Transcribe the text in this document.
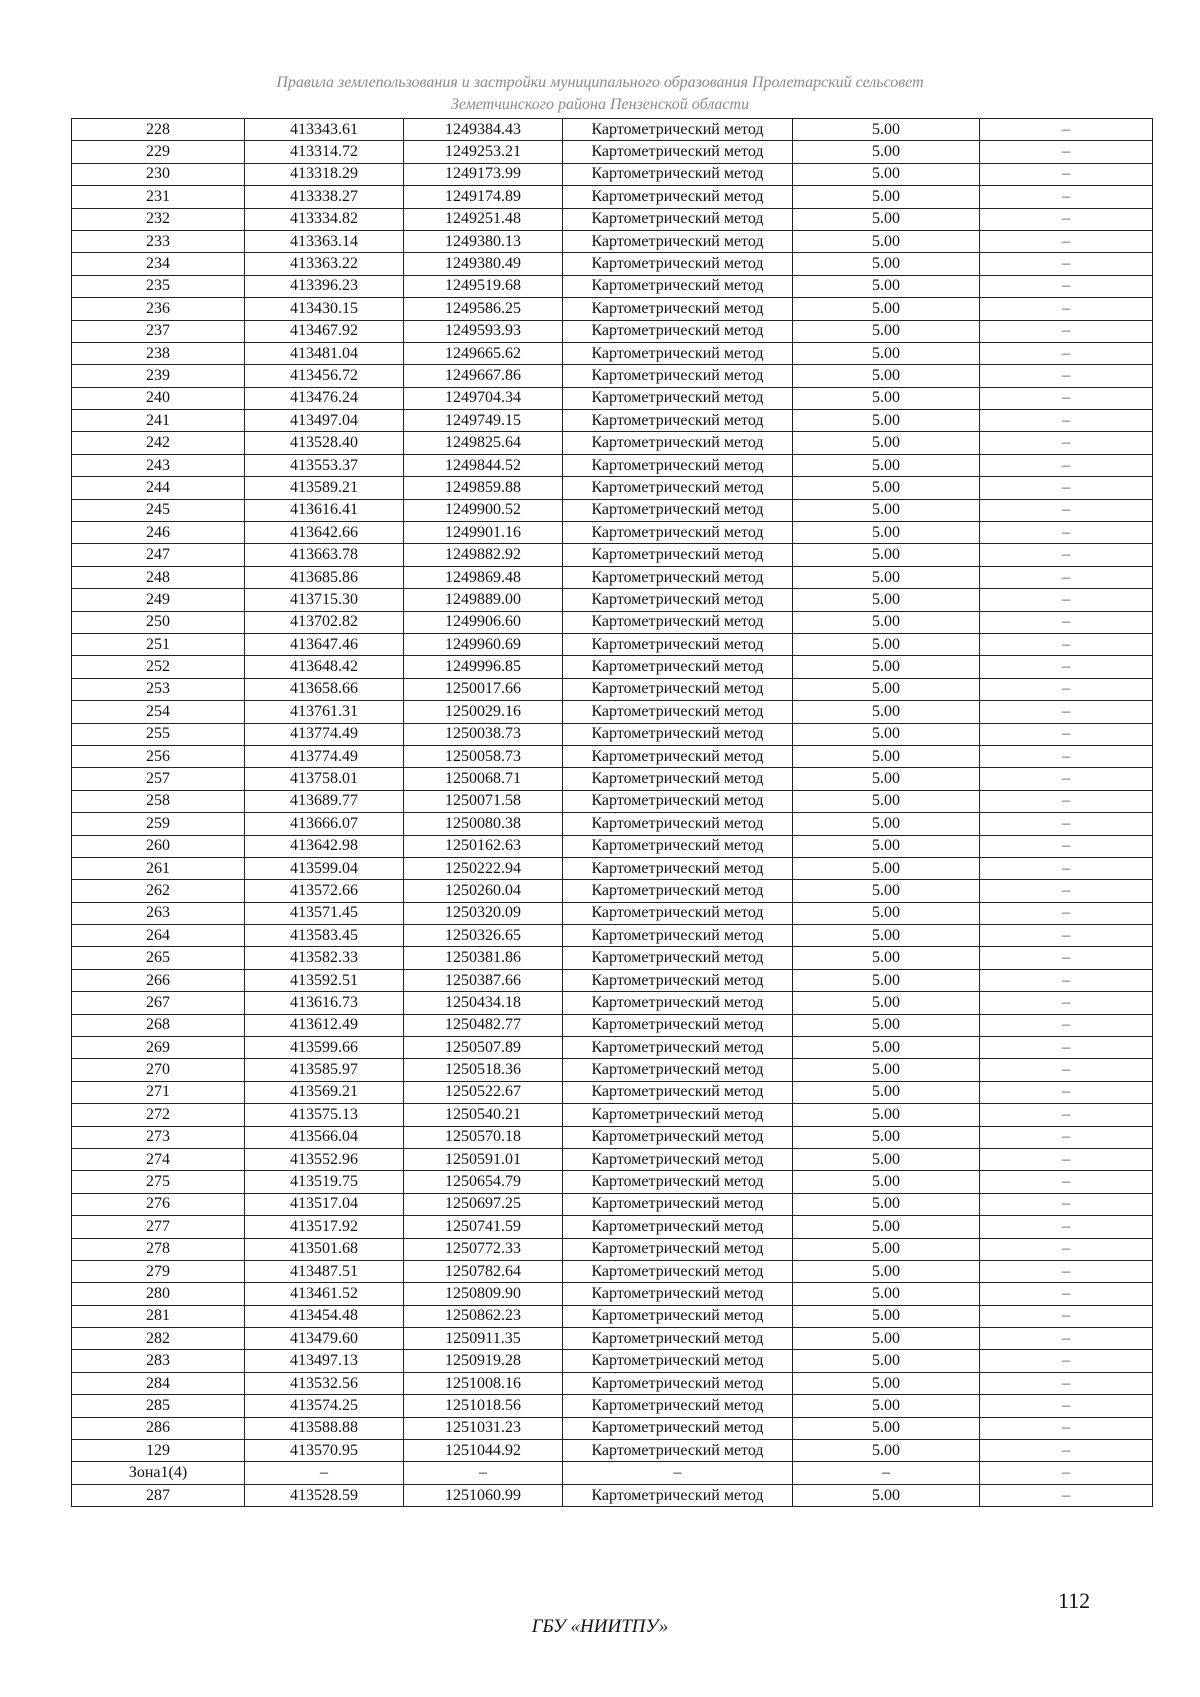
Правила землепользования и застройки муниципального образования Пролетарский сельсовет
Земетчинского района Пензенской области
228	413343.61	1249384.43	Картометрический метод	5.00	–
229	413314.72	1249253.21	Картометрический метод	5.00	–
230	413318.29	1249173.99	Картометрический метод	5.00	–
231	413338.27	1249174.89	Картометрический метод	5.00	–
232	413334.82	1249251.48	Картометрический метод	5.00	–
233	413363.14	1249380.13	Картометрический метод	5.00	–
234	413363.22	1249380.49	Картометрический метод	5.00	–
235	413396.23	1249519.68	Картометрический метод	5.00	–
236	413430.15	1249586.25	Картометрический метод	5.00	–
237	413467.92	1249593.93	Картометрический метод	5.00	–
238	413481.04	1249665.62	Картометрический метод	5.00	–
239	413456.72	1249667.86	Картометрический метод	5.00	–
240	413476.24	1249704.34	Картометрический метод	5.00	–
241	413497.04	1249749.15	Картометрический метод	5.00	–
242	413528.40	1249825.64	Картометрический метод	5.00	–
243	413553.37	1249844.52	Картометрический метод	5.00	–
244	413589.21	1249859.88	Картометрический метод	5.00	–
245	413616.41	1249900.52	Картометрический метод	5.00	–
246	413642.66	1249901.16	Картометрический метод	5.00	–
247	413663.78	1249882.92	Картометрический метод	5.00	–
248	413685.86	1249869.48	Картометрический метод	5.00	–
249	413715.30	1249889.00	Картометрический метод	5.00	–
250	413702.82	1249906.60	Картометрический метод	5.00	–
251	413647.46	1249960.69	Картометрический метод	5.00	–
252	413648.42	1249996.85	Картометрический метод	5.00	–
253	413658.66	1250017.66	Картометрический метод	5.00	–
254	413761.31	1250029.16	Картометрический метод	5.00	–
255	413774.49	1250038.73	Картометрический метод	5.00	–
256	413774.49	1250058.73	Картометрический метод	5.00	–
257	413758.01	1250068.71	Картометрический метод	5.00	–
258	413689.77	1250071.58	Картометрический метод	5.00	–
259	413666.07	1250080.38	Картометрический метод	5.00	–
260	413642.98	1250162.63	Картометрический метод	5.00	–
261	413599.04	1250222.94	Картометрический метод	5.00	–
262	413572.66	1250260.04	Картометрический метод	5.00	–
263	413571.45	1250320.09	Картометрический метод	5.00	–
264	413583.45	1250326.65	Картометрический метод	5.00	–
265	413582.33	1250381.86	Картометрический метод	5.00	–
266	413592.51	1250387.66	Картометрический метод	5.00	–
267	413616.73	1250434.18	Картометрический метод	5.00	–
268	413612.49	1250482.77	Картометрический метод	5.00	–
269	413599.66	1250507.89	Картометрический метод	5.00	–
270	413585.97	1250518.36	Картометрический метод	5.00	–
271	413569.21	1250522.67	Картометрический метод	5.00	–
272	413575.13	1250540.21	Картометрический метод	5.00	–
273	413566.04	1250570.18	Картометрический метод	5.00	–
274	413552.96	1250591.01	Картометрический метод	5.00	–
275	413519.75	1250654.79	Картометрический метод	5.00	–
276	413517.04	1250697.25	Картометрический метод	5.00	–
277	413517.92	1250741.59	Картометрический метод	5.00	–
278	413501.68	1250772.33	Картометрический метод	5.00	–
279	413487.51	1250782.64	Картометрический метод	5.00	–
280	413461.52	1250809.90	Картометрический метод	5.00	–
281	413454.48	1250862.23	Картометрический метод	5.00	–
282	413479.60	1250911.35	Картометрический метод	5.00	–
283	413497.13	1250919.28	Картометрический метод	5.00	–
284	413532.56	1251008.16	Картометрический метод	5.00	–
285	413574.25	1251018.56	Картометрический метод	5.00	–
286	413588.88	1251031.23	Картометрический метод	5.00	–
129	413570.95	1251044.92	Картометрический метод	5.00	–
Зона1(4)	–	–	–	–	–
287	413528.59	1251060.99	Картометрический метод	5.00	–
112
ГБУ «НИИТПУ»
